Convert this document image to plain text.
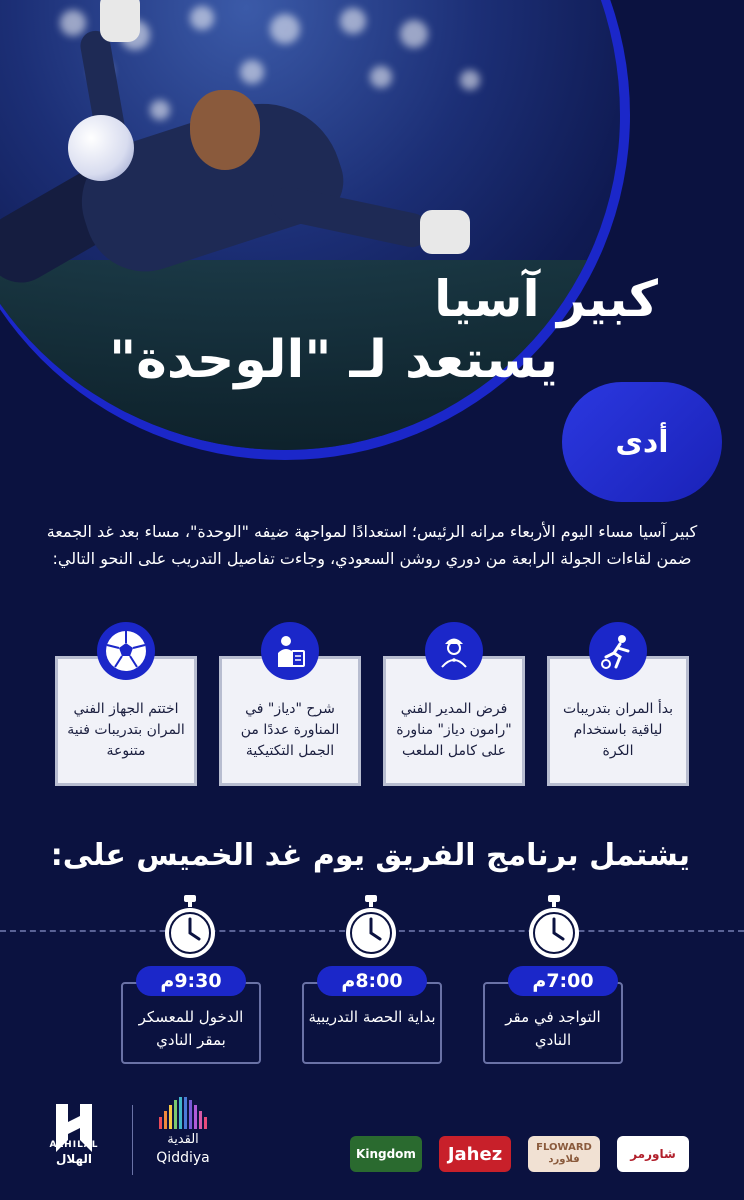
كبير آسيا
يستعد لـ "الوحدة"
أدى
كبير آسيا مساء اليوم الأربعاء مرانه الرئيس؛ استعدادًا لمواجهة ضيفه "الوحدة"، مساء بعد غد الجمعة ضمن لقاءات الجولة الرابعة من دوري روشن السعودي، وجاءت تفاصيل التدريب على النحو التالي:
بدأ المران بتدريبات لياقية باستخدام الكرة
فرض المدير الفني "رامون دياز" مناورة على كامل الملعب
شرح "دياز" في المناورة عددًا من الجمل التكتيكية
اختتم الجهاز الفني المران بتدريبات فنية متنوعة
يشتمل برنامج الفريق يوم غد الخميس على:
التواجد في مقر النادي
7:00م
بداية الحصة التدريبية
8:00م
الدخول للمعسكر بمقر النادي
9:30م
ALHILAL
الهلال
القدية
Qiddiya	Kingdom	Jahez	FLOWARD
فلاورد	شاورمر
